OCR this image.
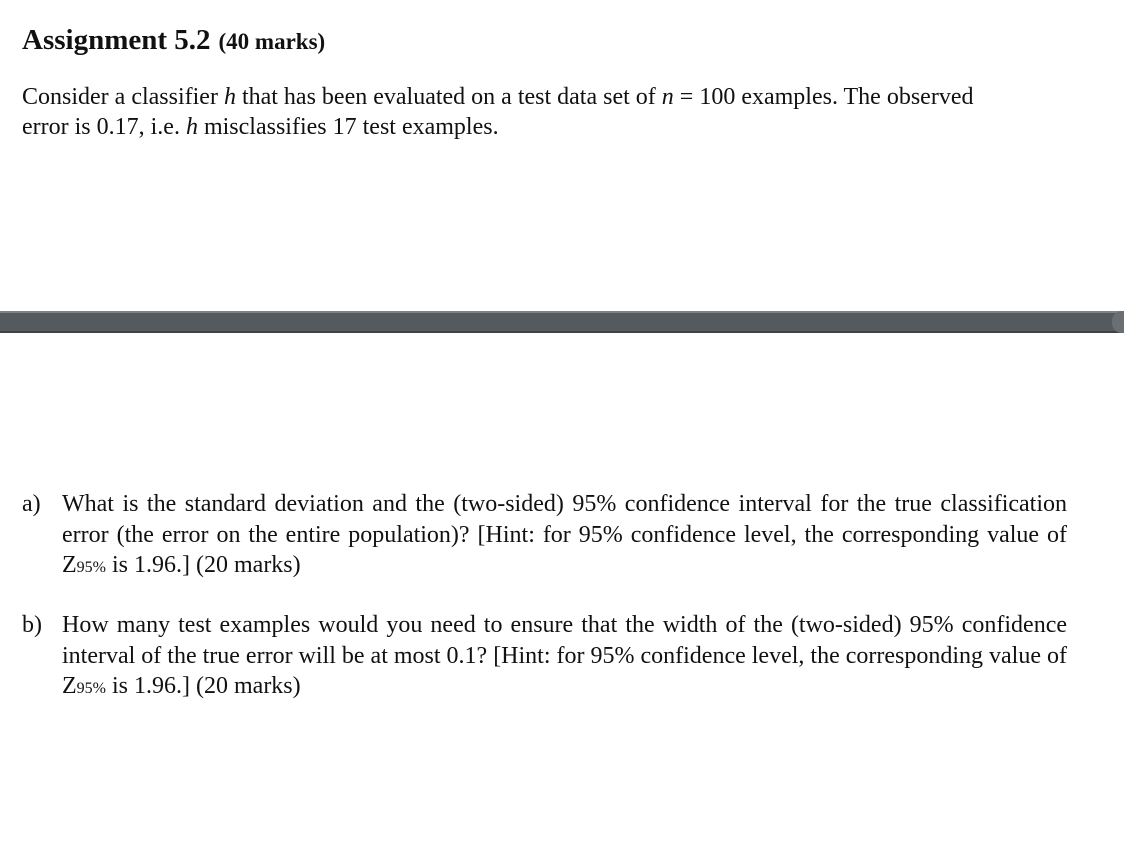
Assignment 5.2 (40 marks)

Consider a classifier h that has been evaluated on a test data set of n = 100 examples. The observed
error is 0.17, i.e. h misclassifies 17 test examples.

a) What is the standard deviation and the (two-sided) 95% confidence interval for the true classification error (the error on the entire population)? [Hint: for 95% confidence level, the corresponding value of Z95% is 1.96.] (20 marks)
b) How many test examples would you need to ensure that the width of the (two-sided) 95% confidence interval of the true error will be at most 0.1? [Hint: for 95% confidence level, the corresponding value of Z95% is 1.96.] (20 marks)
